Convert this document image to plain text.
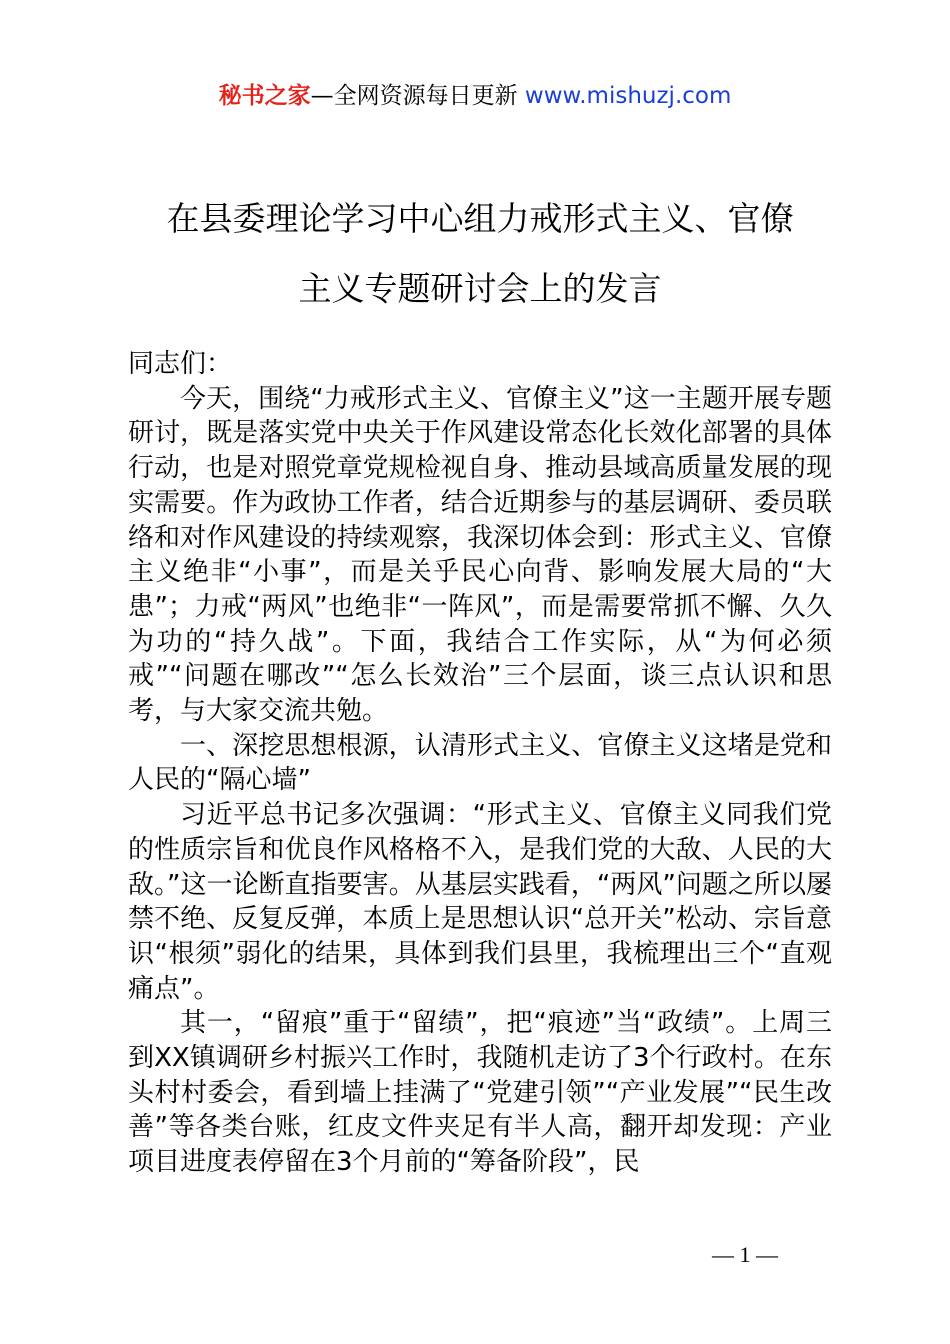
秘书之家—全网资源每日更新 www.mishuzj.com
在县委理论学习中心组力戒形式主义、官僚
主义专题研讨会上的发言

同志们：

今天，围绕“力戒形式主义、官僚主义”这一主题开展专题研讨，既是落实党中央关于作风建设常态化长效化部署的具体行动，也是对照党章党规检视自身、推动县域高质量发展的现实需要。作为政协工作者，结合近期参与的基层调研、委员联络和对作风建设的持续观察，我深切体会到：形式主义、官僚主义绝非“小事”，而是关乎民心向背、影响发展大局的“大患”；力戒“两风”也绝非“一阵风”，而是需要常抓不懈、久久为功的“持久战”。下面，我结合工作实际，从“为何必须戒”“问题在哪改”“怎么长效治”三个层面，谈三点认识和思考，与大家交流共勉。

一、深挖思想根源，认清形式主义、官僚主义这堵是党和人民的“隔心墙”

习近平总书记多次强调：“形式主义、官僚主义同我们党的性质宗旨和优良作风格格不入，是我们党的大敌、人民的大敌。”这一论断直指要害。从基层实践看，“两风”问题之所以屡禁不绝、反复反弹，本质上是思想认识“总开关”松动、宗旨意识“根须”弱化的结果，具体到我们县里，我梳理出三个“直观痛点”。

其一，“留痕”重于“留绩”，把“痕迹”当“政绩”。上周三到XX镇调研乡村振兴工作时，我随机走访了3个行政村。在东头村村委会，看到墙上挂满了“党建引领”“产业发展”“民生改善”等各类台账，红皮文件夹足有半人高，翻开却发现：产业项目进度表停留在3个月前的“筹备阶段”，民

— 1 —
